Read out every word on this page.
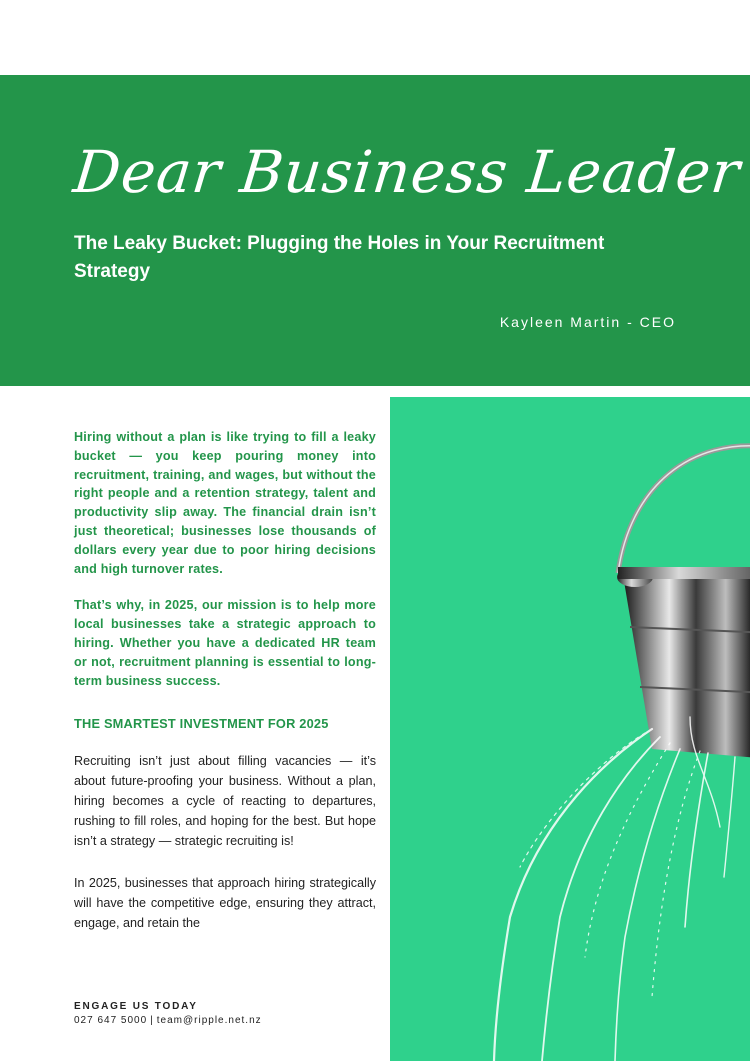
Dear Business Leader
The Leaky Bucket: Plugging the Holes in Your Recruitment Strategy
Kayleen Martin - CEO

Hiring without a plan is like trying to fill a leaky bucket — you keep pouring money into recruitment, training, and wages, but without the right people and a retention strategy, talent and productivity slip away. The financial drain isn’t just theoretical; businesses lose thousands of dollars every year due to poor hiring decisions and high turnover rates.

That’s why, in 2025, our mission is to help more local businesses take a strategic approach to hiring. Whether you have a dedicated HR team or not, recruitment planning is essential to long-term business success.

THE SMARTEST INVESTMENT FOR 2025

Recruiting isn’t just about filling vacancies — it’s about future-proofing your business. Without a plan, hiring becomes a cycle of reacting to departures, rushing to fill roles, and hoping for the best. But hope isn’t a strategy — strategic recruiting is!

In 2025, businesses that approach hiring strategically will have the competitive edge, ensuring they attract, engage, and retain the

ENGAGE US TODAY
027 647 5000 | team@ripple.net.nz
